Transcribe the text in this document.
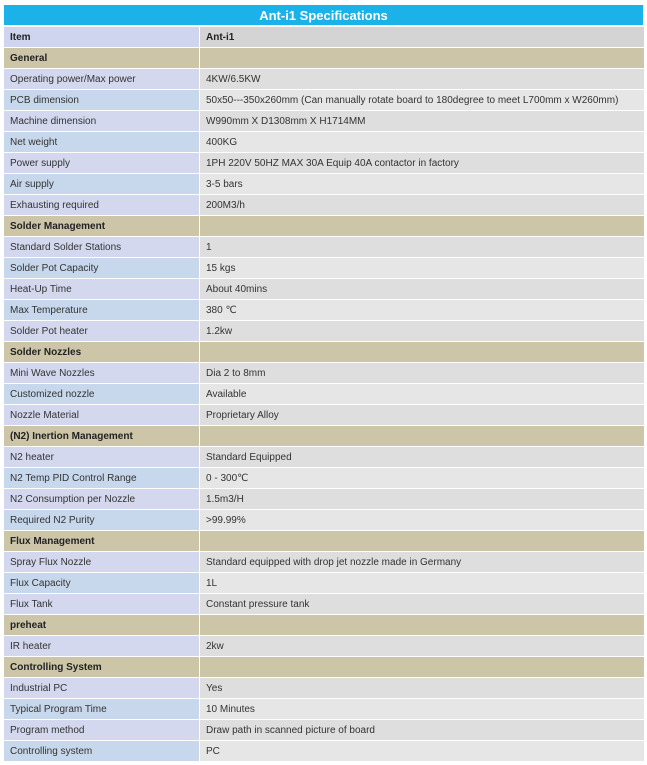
Ant-i1 Specifications
Item	Ant-i1
General	
Operating power/Max power	4KW/6.5KW
PCB dimension	50x50---350x260mm (Can manually rotate board to 180degree to meet L700mm x W260mm)
Machine dimension	W990mm X D1308mm X H1714MM
Net weight	400KG
Power supply	1PH 220V 50HZ MAX 30A Equip 40A contactor in factory
Air supply	3-5 bars
Exhausting required	200M3/h
Solder Management	
Standard Solder Stations	1
Solder Pot Capacity	15 kgs
Heat-Up Time	About 40mins
Max Temperature	380 ℃
Solder Pot heater	1.2kw
Solder Nozzles	
Mini Wave Nozzles	Dia 2 to 8mm
Customized nozzle	Available
Nozzle Material	Proprietary Alloy
(N2) Inertion Management	
N2 heater	Standard Equipped
N2 Temp PID Control Range	0 - 300℃
N2 Consumption per Nozzle	1.5m3/H
Required N2 Purity	>99.99%
Flux Management	
Spray Flux Nozzle	Standard equipped with drop jet nozzle made in Germany
Flux Capacity	1L
Flux Tank	Constant pressure tank
preheat	
IR heater	2kw
Controlling System	
Industrial PC	Yes
Typical Program Time	10 Minutes
Program method	Draw path in scanned picture of board
Controlling system	PC
